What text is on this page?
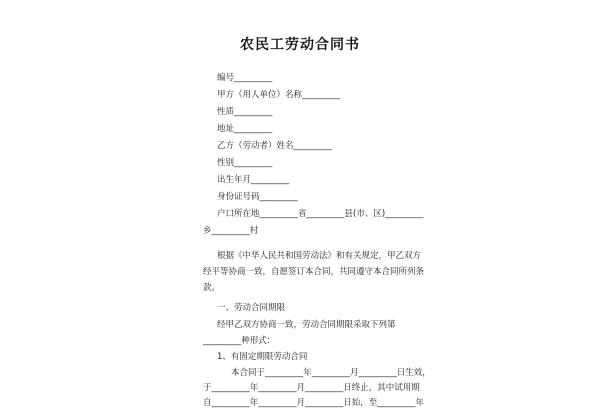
农民工劳动合同书
编号_________
甲方（用人单位）名称_________
性质_________
地址_________
乙方（劳动者）姓名_________
性别_________
出生年月_________
身份证号码_________
户口所在地_________省_________县(市、区)_________
乡_________村
根据《中华人民共和国劳动法》和有关规定，甲乙双方
经平等协商一致，自愿签订本合同，共同遵守本合同所列条
款。
一、劳动合同期限
经甲乙双方协商一致，劳动合同期限采取下列第
_________种形式：
1、有固定期限劳动合同
本合同于_________年_________月_________日生效，
于_________年_________月_________日终止，其中试用期
自_________年_________月_________日始，至_________年
